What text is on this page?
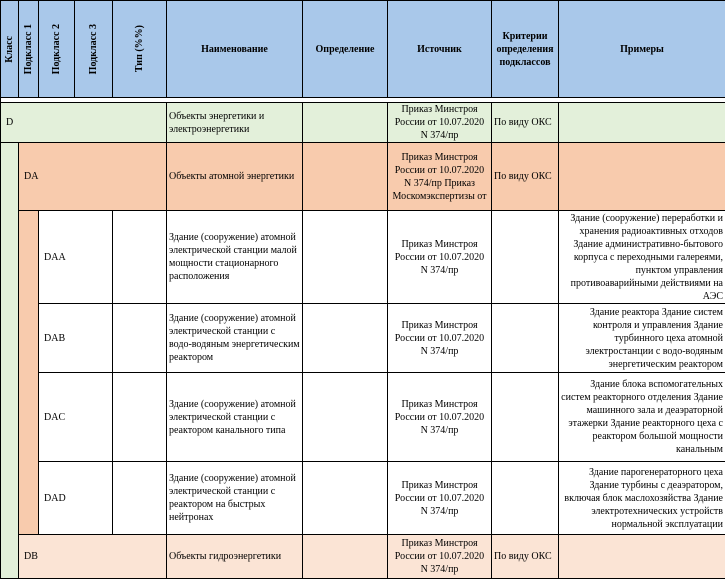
Класс	Подкласс 1	Подкласс 2	Подкласс 3	Тип (%%)	Наименование	Определение	Источник	Критерии определения подклассов	Примеры

D					Объекты энергетики и электроэнергетики		Приказ Минстроя России от 10.07.2020 N 374/пр	По виду ОКС	
	DA				Объекты атомной энергетики		Приказ Минстроя России от 10.07.2020 N 374/пр Приказ Москомэкспертизы от	По виду ОКС	
		DAA			Здание (сооружение) атомной электрической станции малой мощности стационарного расположения		Приказ Минстроя России от 10.07.2020 N 374/пр		Здание (сооружение) переработки и хранения радиоактивных отходов Здание административно-бытового корпуса с переходными галереями, пунктом управления противоаварийными действиями на АЭС
		DAB			Здание (сооружение) атомной электрической станции с водо-водяным энергетическим реактором		Приказ Минстроя России от 10.07.2020 N 374/пр		Здание реактора Здание систем контроля и управления Здание турбинного цеха атомной электростанции с водо-водяным энергетическим реактором
		DAC			Здание (сооружение) атомной электрической станции с реактором канального типа		Приказ Минстроя России от 10.07.2020 N 374/пр		Здание блока вспомогательных систем реакторного отделения Здание машинного зала и деаэраторной этажерки Здание реакторного цеха с реактором большой мощности канальным
		DAD			Здание (сооружение) атомной электрической станции с реактором на быстрых нейтронах		Приказ Минстроя России от 10.07.2020 N 374/пр		Здание парогенераторного цеха Здание турбины с деаэратором, включая блок маслохозяйства Здание электротехнических устройств нормальной эксплуатации
	DB				Объекты гидроэнергетики		Приказ Минстроя России от 10.07.2020 N 374/пр	По виду ОКС	
